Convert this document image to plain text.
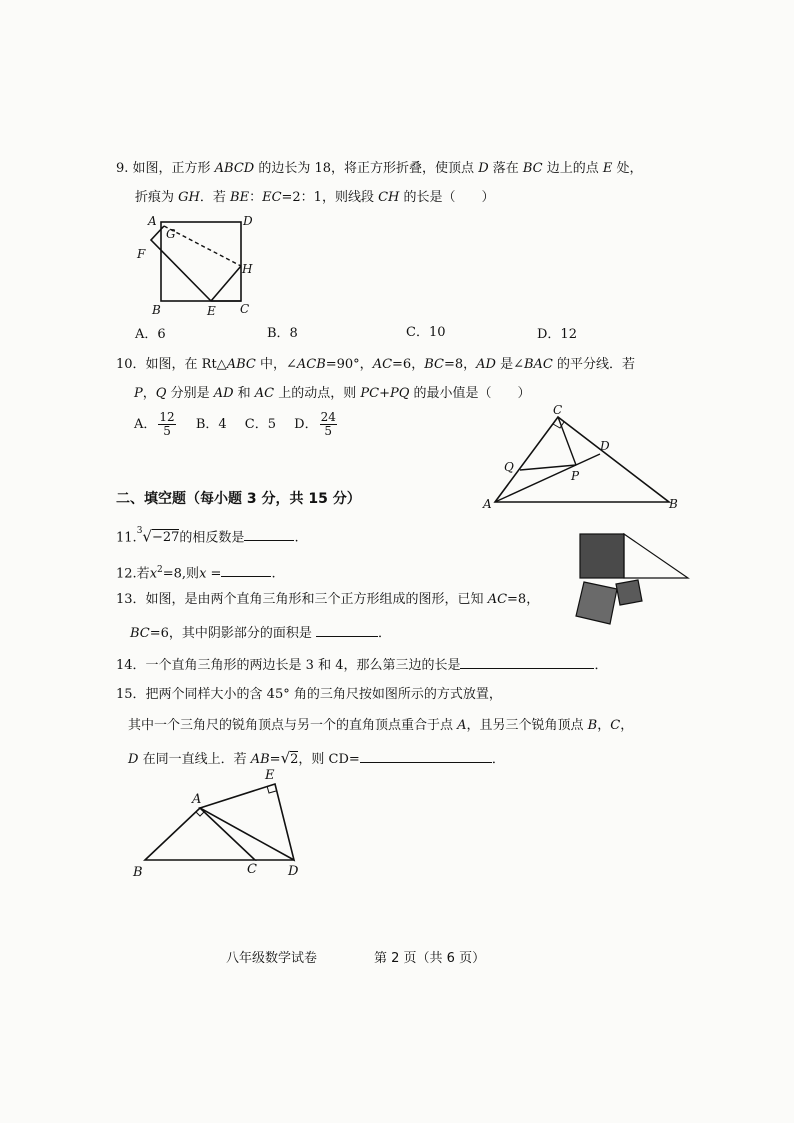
9. 如图，正方形 ABCD 的边长为 18，将正方形折叠，使顶点 D 落在 BC 边上的点 E 处，
折痕为 GH．若 BE：EC=2：1，则线段 CH 的长是（　　）
A	D
F
G
H
B	E C
A．6	B．8	C．10	D．12
10．如图，在 Rt△ABC 中，∠ACB=90°，AC=6，BC=8，AD 是∠BAC 的平分线．若
P，Q 分别是 AD 和 AC 上的动点，则 PC+PQ 的最小值是（　　）
A． $\frac{12}{5}$ B．4 C．5 D． $\frac{24}{5}$
C
D
Q
P
A	B
二、填空题（每小题 3 分，共 15 分）
11.$^3$√−27的相反数是	.
12.若$x^2=8$,则x =	.
13．如图，是由两个直角三角形和三个正方形组成的图形，已知 AC=8，
BC=6，其中阴影部分的面积是	．
14．一个直角三角形的两边长是 3 和 4，那么第三边的长是	．
15．把两个同样大小的含 45° 角的三角尺按如图所示的方式放置，
其中一个三角尺的锐角顶点与另一个的直角顶点重合于点 A，且另三个锐角顶点 B，C，
D 在同一直线上．若 AB=√2，则 CD=	．
A
E
B	C D
八年级数学试卷	第 2 页（共 6 页）
